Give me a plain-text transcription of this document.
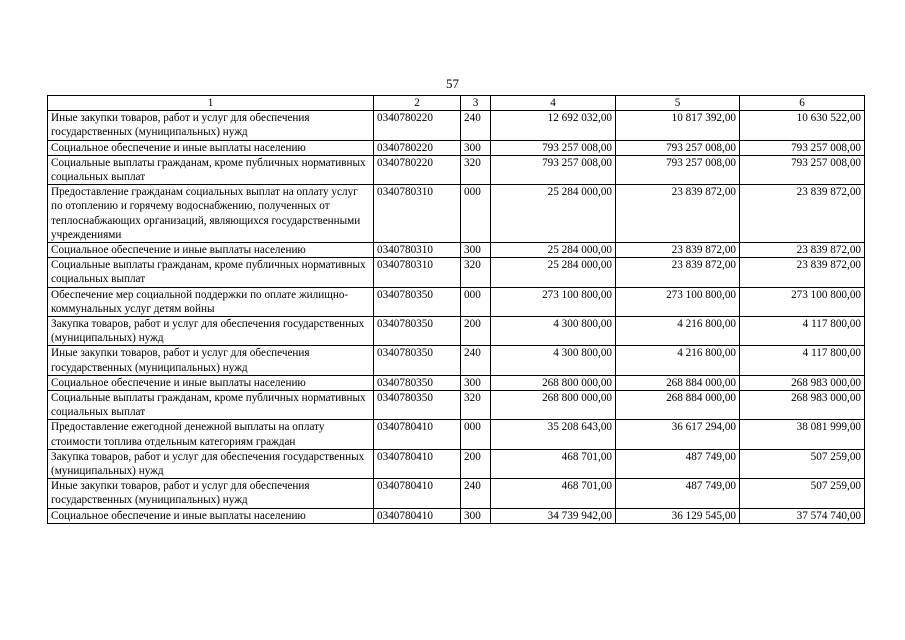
57
1	2	3	4	5	6
Иные закупки товаров, работ и услуг для обеспечения государственных (муниципальных) нужд	0340780220	240	12 692 032,00	10 817 392,00	10 630 522,00
Социальное обеспечение и иные выплаты населению	0340780220	300	793 257 008,00	793 257 008,00	793 257 008,00
Социальные выплаты гражданам, кроме публичных нормативных социальных выплат	0340780220	320	793 257 008,00	793 257 008,00	793 257 008,00
Предоставление гражданам социальных выплат на оплату услуг по отоплению и горячему водоснабжению, полученных от теплоснабжающих организаций, являющихся государственными учреждениями	0340780310	000	25 284 000,00	23 839 872,00	23 839 872,00
Социальное обеспечение и иные выплаты населению	0340780310	300	25 284 000,00	23 839 872,00	23 839 872,00
Социальные выплаты гражданам, кроме публичных нормативных социальных выплат	0340780310	320	25 284 000,00	23 839 872,00	23 839 872,00
Обеспечение мер социальной поддержки по оплате жилищно-коммунальных услуг детям войны	0340780350	000	273 100 800,00	273 100 800,00	273 100 800,00
Закупка товаров, работ и услуг для обеспечения государственных (муниципальных) нужд	0340780350	200	4 300 800,00	4 216 800,00	4 117 800,00
Иные закупки товаров, работ и услуг для обеспечения государственных (муниципальных) нужд	0340780350	240	4 300 800,00	4 216 800,00	4 117 800,00
Социальное обеспечение и иные выплаты населению	0340780350	300	268 800 000,00	268 884 000,00	268 983 000,00
Социальные выплаты гражданам, кроме публичных нормативных социальных выплат	0340780350	320	268 800 000,00	268 884 000,00	268 983 000,00
Предоставление ежегодной денежной выплаты на оплату стоимости топлива отдельным категориям граждан	0340780410	000	35 208 643,00	36 617 294,00	38 081 999,00
Закупка товаров, работ и услуг для обеспечения государственных (муниципальных) нужд	0340780410	200	468 701,00	487 749,00	507 259,00
Иные закупки товаров, работ и услуг для обеспечения государственных (муниципальных) нужд	0340780410	240	468 701,00	487 749,00	507 259,00
Социальное обеспечение и иные выплаты населению	0340780410	300	34 739 942,00	36 129 545,00	37 574 740,00
